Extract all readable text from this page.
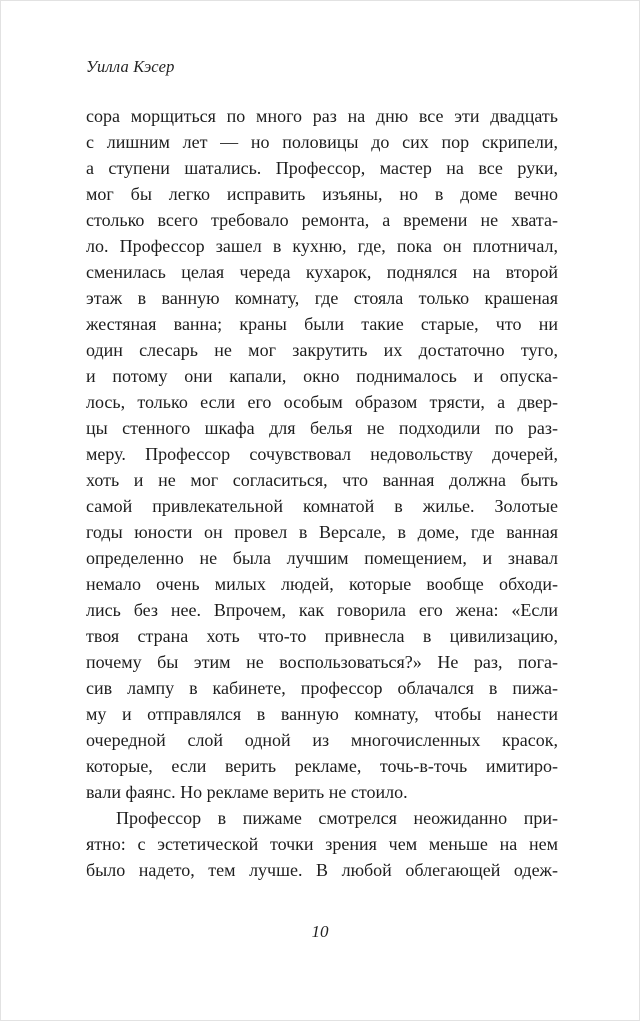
Уилла Кэсер
сора морщиться по много раз на дню все эти двадцать
с лишним лет — но половицы до сих пор скрипели,
а ступени шатались. Профессор, мастер на все руки,
мог бы легко исправить изъяны, но в доме вечно
столько всего требовало ремонта, а времени не хвата-
ло. Профессор зашел в кухню, где, пока он плотничал,
сменилась целая череда кухарок, поднялся на второй
этаж в ванную комнату, где стояла только крашеная
жестяная ванна; краны были такие старые, что ни
один слесарь не мог закрутить их достаточно туго,
и потому они капали, окно поднималось и опуска-
лось, только если его особым образом трясти, а двер-
цы стенного шкафа для белья не подходили по раз-
меру. Профессор сочувствовал недовольству дочерей,
хоть и не мог согласиться, что ванная должна быть
самой привлекательной комнатой в жилье. Золотые
годы юности он провел в Версале, в доме, где ванная
определенно не была лучшим помещением, и знавал
немало очень милых людей, которые вообще обходи-
лись без нее. Впрочем, как говорила его жена: «Если
твоя страна хоть что-то привнесла в цивилизацию,
почему бы этим не воспользоваться?» Не раз, пога-
сив лампу в кабинете, профессор облачался в пижа-
му и отправлялся в ванную комнату, чтобы нанести
очередной слой одной из многочисленных красок,
которые, если верить рекламе, точь-в-точь имитиро-
вали фаянс. Но рекламе верить не стоило.
Профессор в пижаме смотрелся неожиданно при-
ятно: с эстетической точки зрения чем меньше на нем
было надето, тем лучше. В любой облегающей одеж-
10
